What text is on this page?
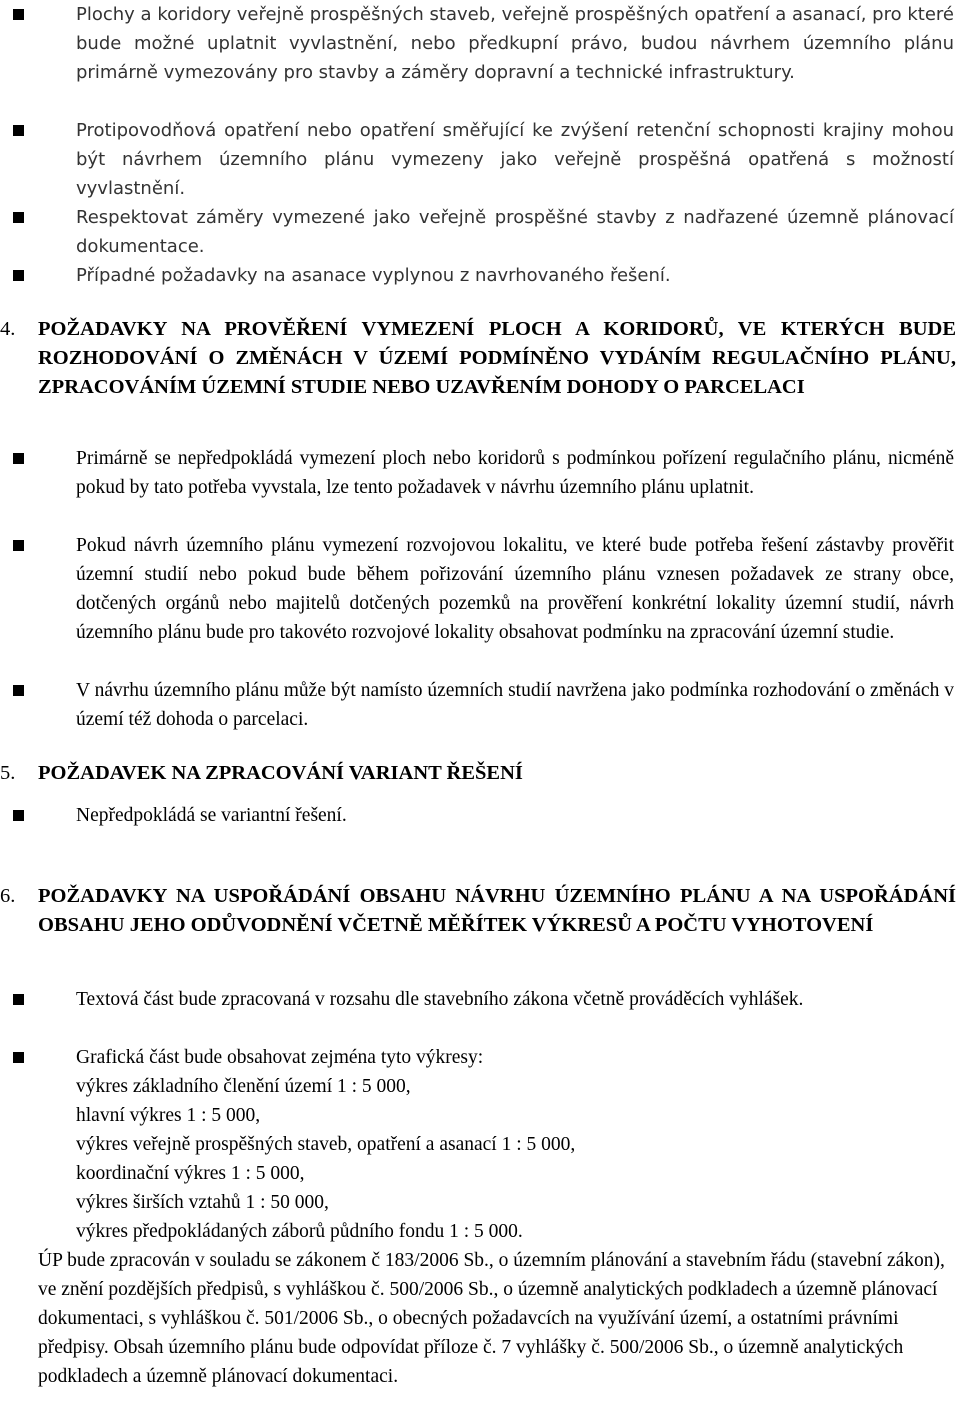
Plochy a koridory veřejně prospěšných staveb, veřejně prospěšných opatření a asanací, pro které bude možné uplatnit vyvlastnění, nebo předkupní právo, budou návrhem územního plánu primárně vymezovány pro stavby a záměry dopravní a technické infrastruktury.
Protipovodňová opatření nebo opatření směřující ke zvýšení retenční schopnosti krajiny mohou být návrhem územního plánu vymezeny jako veřejně prospěšná opatřená s možností vyvlastnění.
Respektovat záměry vymezené jako veřejně prospěšné stavby z nadřazené územně plánovací dokumentace.
Případné požadavky na asanace vyplynou z navrhovaného řešení.
4. POŽADAVKY NA PROVĚŘENÍ VYMEZENÍ PLOCH A KORIDORŮ, VE KTERÝCH BUDE ROZHODOVÁNÍ O ZMĚNÁCH V ÚZEMÍ PODMÍNĚNO VYDÁNÍM REGULAČNÍHO PLÁNU, ZPRACOVÁNÍM ÚZEMNÍ STUDIE NEBO UZAVŘENÍM DOHODY O PARCELACI
Primárně se nepředpokládá vymezení ploch nebo koridorů s podmínkou pořízení regulačního plánu, nicméně pokud by tato potřeba vyvstala, lze tento požadavek v návrhu územního plánu uplatnit.
Pokud návrh územního plánu vymezení rozvojovou lokalitu, ve které bude potřeba řešení zástavby prověřit územní studií nebo pokud bude během pořizování územního plánu vznesen požadavek ze strany obce, dotčených orgánů nebo majitelů dotčených pozemků na prověření konkrétní lokality územní studií, návrh územního plánu bude pro takovéto rozvojové lokality obsahovat podmínku na zpracování územní studie.
V návrhu územního plánu může být namísto územních studií navržena jako podmínka rozhodování o změnách v území též dohoda o parcelaci.
5. POŽADAVEK NA ZPRACOVÁNÍ VARIANT ŘEŠENÍ
Nepředpokládá se variantní řešení.
6. POŽADAVKY NA USPOŘÁDÁNÍ OBSAHU NÁVRHU ÚZEMNÍHO PLÁNU A NA USPOŘÁDÁNÍ OBSAHU JEHO ODŮVODNĚNÍ VČETNĚ MĚŘÍTEK VÝKRESŮ A POČTU VYHOTOVENÍ
Textová část bude zpracovaná v rozsahu dle stavebního zákona včetně prováděcích vyhlášek.
Grafická část bude obsahovat zejména tyto výkresy:
výkres základního členění území 1 : 5 000,
hlavní výkres 1 : 5 000,
výkres veřejně prospěšných staveb, opatření a asanací 1 : 5 000,
koordinační výkres 1 : 5 000,
výkres širších vztahů 1 : 50 000,
výkres předpokládaných záborů půdního fondu 1 : 5 000.
ÚP bude zpracován v souladu se zákonem č 183/2006 Sb., o územním plánování a stavebním řádu (stavební zákon), ve znění pozdějších předpisů, s vyhláškou č. 500/2006 Sb., o územně analytických podkladech a územně plánovací dokumentaci, s vyhláškou č. 501/2006 Sb., o obecných požadavcích na využívání území, a ostatními právními předpisy. Obsah územního plánu bude odpovídat příloze č. 7 vyhlášky č. 500/2006 Sb., o územně analytických podkladech a územně plánovací dokumentaci.
